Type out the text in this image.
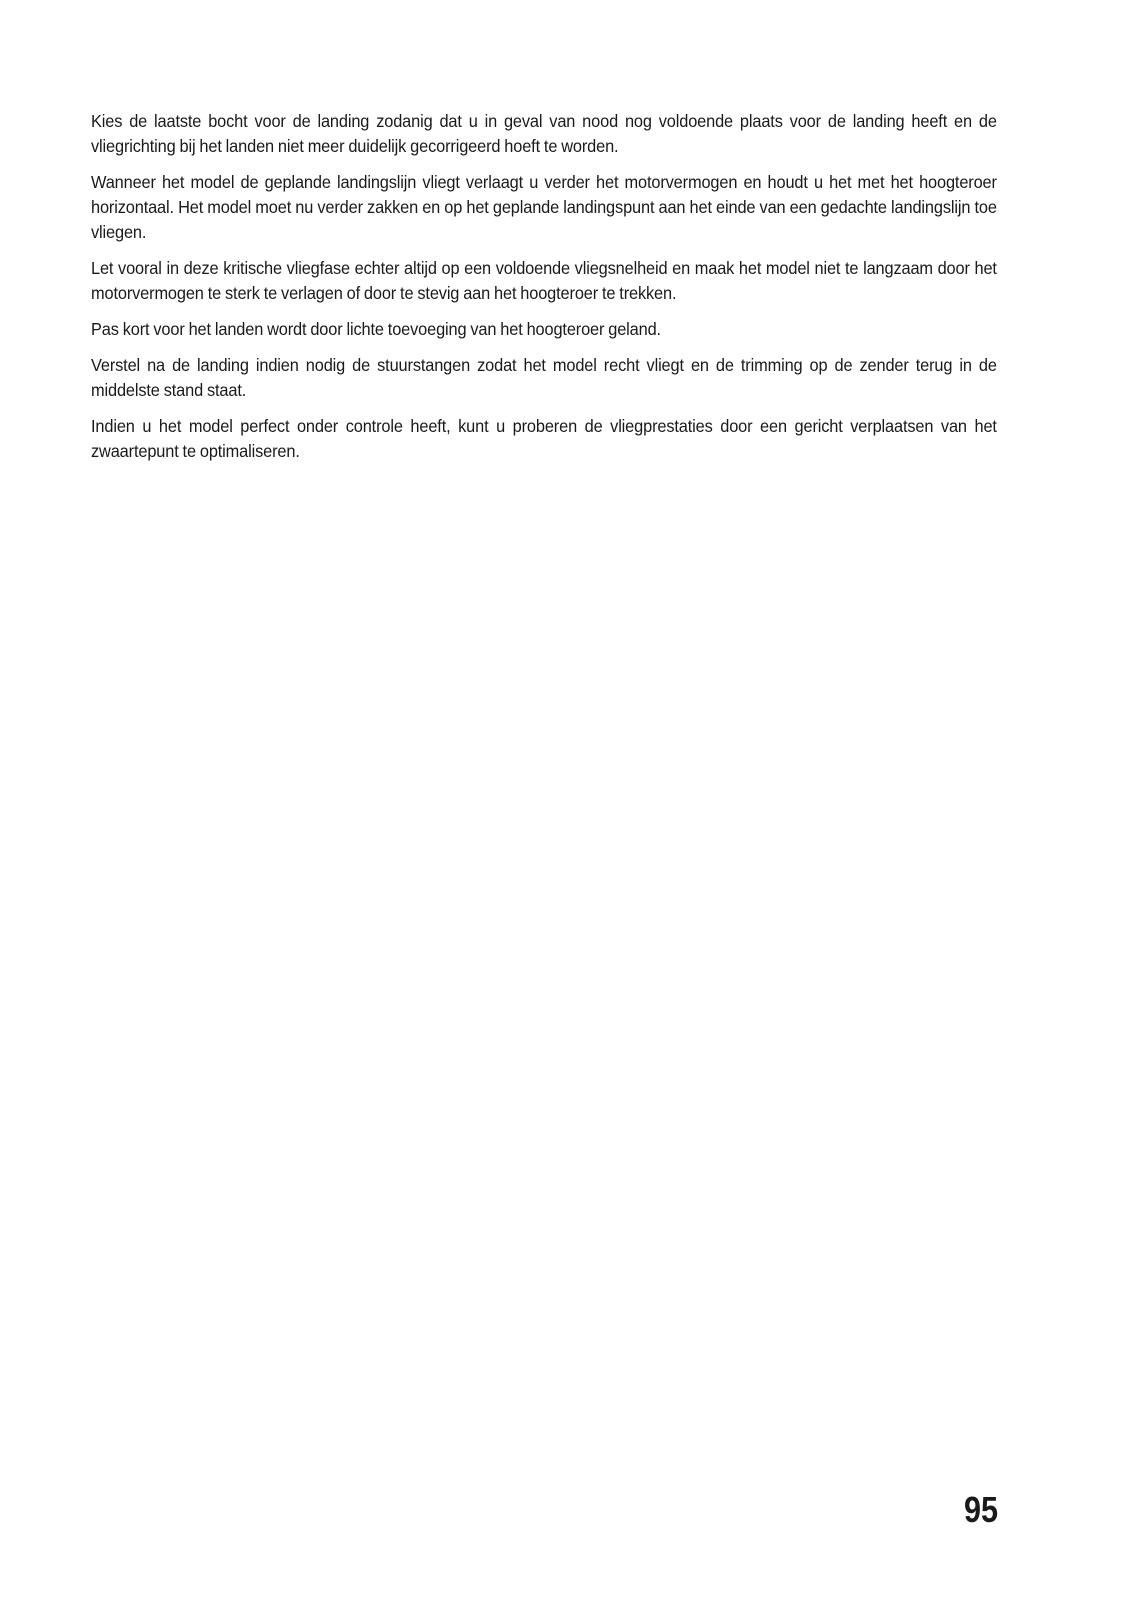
Kies de laatste bocht voor de landing zodanig dat u in geval van nood nog voldoende plaats voor de landing heeft en de vliegrichting bij het landen niet meer duidelijk gecorrigeerd hoeft te worden.

Wanneer het model de geplande landingslijn vliegt verlaagt u verder het motorvermogen en houdt u het met het hoogteroer horizontaal. Het model moet nu verder zakken en op het geplande landingspunt aan het einde van een gedachte landingslijn toe vliegen.

Let vooral in deze kritische vliegfase echter altijd op een voldoende vliegsnelheid en maak het model niet te langzaam door het motorvermogen te sterk te verlagen of door te stevig aan het hoogteroer te trekken.

Pas kort voor het landen wordt door lichte toevoeging van het hoogteroer geland.

Verstel na de landing indien nodig de stuurstangen zodat het model recht vliegt en de trimming op de zender terug in de middelste stand staat.

Indien u het model perfect onder controle heeft, kunt u proberen de vliegprestaties door een gericht verplaatsen van het zwaartepunt te optimaliseren.

95
